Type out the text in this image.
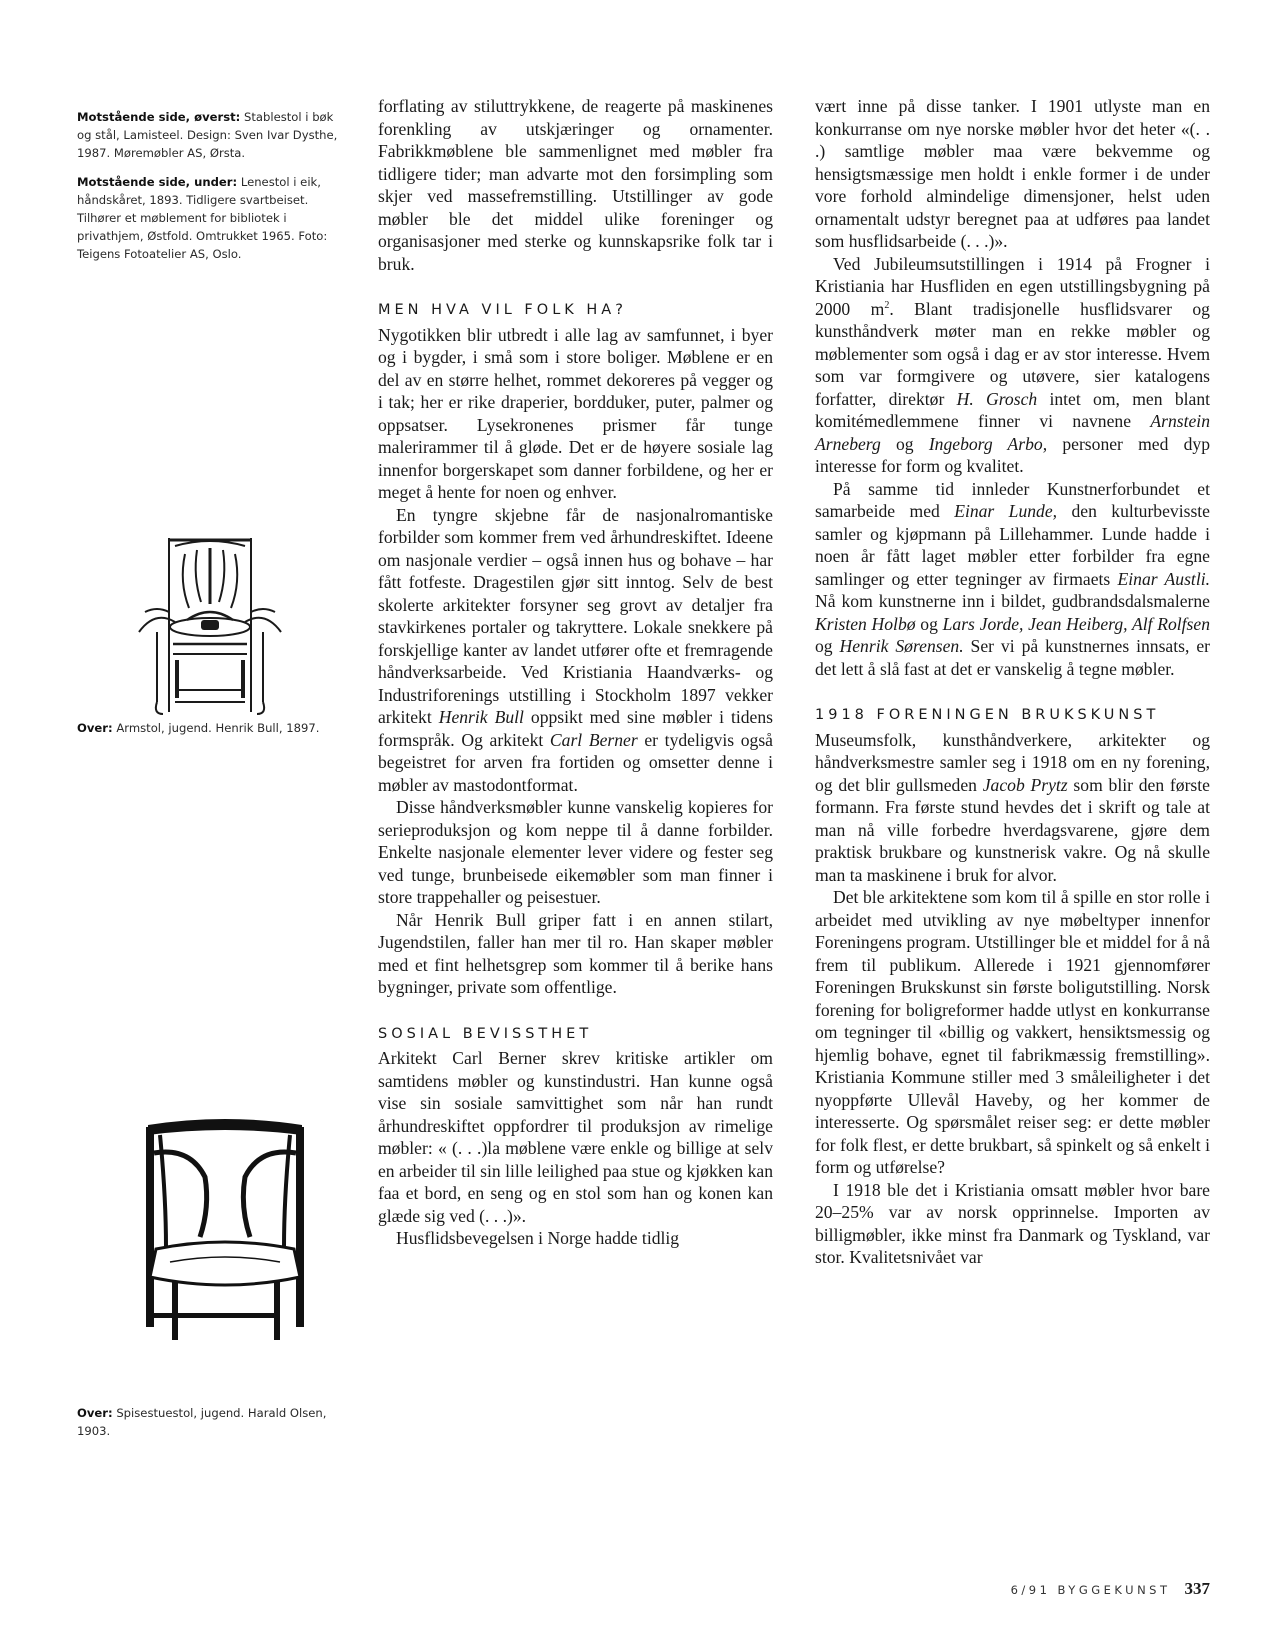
Motstående side, øverst: Stablestol i bøk og stål, Lamisteel. Design: Sven Ivar Dysthe, 1987. Møremøbler AS, Ørsta.

Motstående side, under: Lenestol i eik, håndskåret, 1893. Tidligere svartbeiset. Tilhører et møblement for bibliotek i privathjem, Østfold. Omtrukket 1965. Foto: Teigens Fotoatelier AS, Oslo.

Over: Armstol, jugend. Henrik Bull, 1897.

Over: Spisestuestol, jugend. Harald Olsen, 1903.

forflating av stiluttrykkene, de reagerte på maskinenes forenkling av utskjæringer og ornamenter. Fabrikkmøblene ble sammenlignet med møbler fra tidligere tider; man advarte mot den forsimpling som skjer ved massefremstilling. Utstillinger av gode møbler ble det middel ulike foreninger og organisasjoner med sterke og kunnskapsrike folk tar i bruk.

MEN HVA VIL FOLK HA?

Nygotikken blir utbredt i alle lag av samfunnet, i byer og i bygder, i små som i store boliger. Møblene er en del av en større helhet, rommet dekoreres på vegger og i tak; her er rike draperier, bordduker, puter, palmer og oppsatser. Lysekronenes prismer får tunge malerirammer til å gløde. Det er de høyere sosiale lag innenfor borgerskapet som danner forbildene, og her er meget å hente for noen og enhver.

En tyngre skjebne får de nasjonalromantiske forbilder som kommer frem ved århundreskiftet. Ideene om nasjonale verdier – også innen hus og bohave – har fått fotfeste. Dragestilen gjør sitt inntog. Selv de best skolerte arkitekter forsyner seg grovt av detaljer fra stavkirkenes portaler og takryttere. Lokale snekkere på forskjellige kanter av landet utfører ofte et fremragende håndverksarbeide. Ved Kristiania Haandværks- og Industriforenings utstilling i Stockholm 1897 vekker arkitekt Henrik Bull oppsikt med sine møbler i tidens formspråk. Og arkitekt Carl Berner er tydeligvis også begeistret for arven fra fortiden og omsetter denne i møbler av mastodontformat.

Disse håndverksmøbler kunne vanskelig kopieres for serieproduksjon og kom neppe til å danne forbilder. Enkelte nasjonale elementer lever videre og fester seg ved tunge, brunbeisede eikemøbler som man finner i store trappehaller og peisestuer.

Når Henrik Bull griper fatt i en annen stilart, Jugendstilen, faller han mer til ro. Han skaper møbler med et fint helhetsgrep som kommer til å berike hans bygninger, private som offentlige.

SOSIAL BEVISSTHET

Arkitekt Carl Berner skrev kritiske artikler om samtidens møbler og kunstindustri. Han kunne også vise sin sosiale samvittighet som når han rundt århundreskiftet oppfordrer til produksjon av rimelige møbler: « (. . .)la møblene være enkle og billige at selv en arbeider til sin lille leilighed paa stue og kjøkken kan faa et bord, en seng og en stol som han og konen kan glæde sig ved (. . .)».

Husflidsbevegelsen i Norge hadde tidlig

vært inne på disse tanker. I 1901 utlyste man en konkurranse om nye norske møbler hvor det heter «(. . .) samtlige møbler maa være bekvemme og hensigtsmæssige men holdt i enkle former i de under vore forhold almindelige dimensjoner, helst uden ornamentalt udstyr beregnet paa at udføres paa landet som husflidsarbeide (. . .)».

Ved Jubileumsutstillingen i 1914 på Frogner i Kristiania har Husfliden en egen utstillingsbygning på 2000 $m^2$. Blant tradisjonelle husflidsvarer og kunsthåndverk møter man en rekke møbler og møblementer som også i dag er av stor interesse. Hvem som var formgivere og utøvere, sier katalogens forfatter, direktør H. Grosch intet om, men blant komitémedlemmene finner vi navnene Arnstein Arneberg og Ingeborg Arbo, personer med dyp interesse for form og kvalitet.

På samme tid innleder Kunstnerforbundet et samarbeide med Einar Lunde, den kulturbevisste samler og kjøpmann på Lillehammer. Lunde hadde i noen år fått laget møbler etter forbilder fra egne samlinger og etter tegninger av firmaets Einar Austli. Nå kom kunstnerne inn i bildet, gudbrandsdalsmalerne Kristen Holbø og Lars Jorde, Jean Heiberg, Alf Rolfsen og Henrik Sørensen. Ser vi på kunstnernes innsats, er det lett å slå fast at det er vanskelig å tegne møbler.

1918 FORENINGEN BRUKSKUNST

Museumsfolk, kunsthåndverkere, arkitekter og håndverksmestre samler seg i 1918 om en ny forening, og det blir gullsmeden Jacob Prytz som blir den første formann. Fra første stund hevdes det i skrift og tale at man nå ville forbedre hverdagsvarene, gjøre dem praktisk brukbare og kunstnerisk vakre. Og nå skulle man ta maskinene i bruk for alvor.

Det ble arkitektene som kom til å spille en stor rolle i arbeidet med utvikling av nye møbeltyper innenfor Foreningens program. Utstillinger ble et middel for å nå frem til publikum. Allerede i 1921 gjennomfører Foreningen Brukskunst sin første boligutstilling. Norsk forening for boligreformer hadde utlyst en konkurranse om tegninger til «billig og vakkert, hensiktsmessig og hjemlig bohave, egnet til fabrikmæssig fremstilling». Kristiania Kommune stiller med 3 småleiligheter i det nyoppførte Ullevål Haveby, og her kommer de interesserte. Og spørsmålet reiser seg: er dette møbler for folk flest, er dette brukbart, så spinkelt og så enkelt i form og utførelse?

I 1918 ble det i Kristiania omsatt møbler hvor bare 20–25% var av norsk opprinnelse. Importen av billigmøbler, ikke minst fra Danmark og Tyskland, var stor. Kvalitetsnivået var

6/91 BYGGEKUNST 337
